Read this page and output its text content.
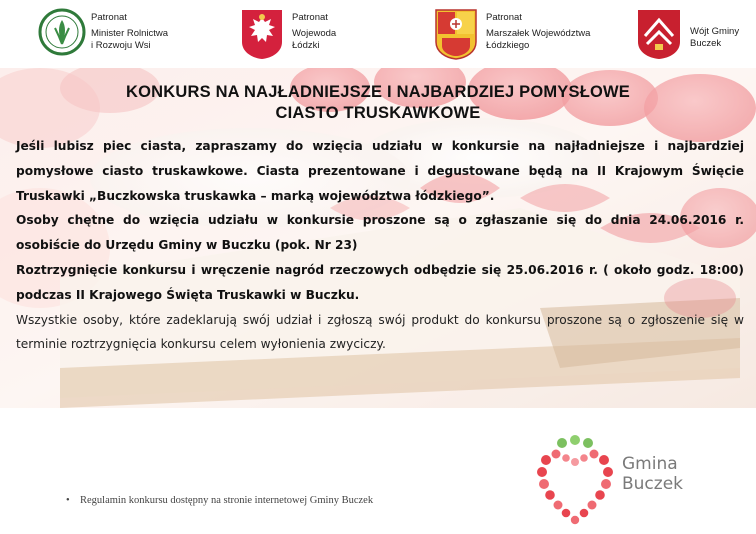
Patronat
Minister Rolnictwa
i Rozwoju Wsi
Patronat
Wojewoda
Łódzki
Patronat
Marszałek Województwa
Łódzkiego
Wójt Gminy
Buczek
KONKURS NA NAJŁADNIEJSZE I NAJBARDZIEJ POMYSŁOWE
CIASTO TRUSKAWKOWE

Jeśli lubisz piec ciasta, zapraszamy do wzięcia udziału w konkursie na najładniejsze i najbardziej pomysłowe ciasto truskawkowe. Ciasta prezentowane i degustowane będą na II Krajowym Święcie Truskawki „Buczkowska truskawka – marką województwa łódzkiego”.

Osoby chętne do wzięcia udziału w konkursie proszone są o zgłaszanie się do dnia 24.06.2016 r. osobiście do Urzędu Gminy w Buczku (pok. Nr 23)

Roztrzygnięcie konkursu i wręczenie nagród rzeczowych odbędzie się 25.06.2016 r. ( około godz. 18:00) podczas II Krajowego Święta Truskawki w Buczku.

Wszystkie osoby, które zadeklarują swój udział i zgłoszą swój produkt do konkursu proszone są o zgłoszenie się w terminie roztrzygnięcia konkursu celem wyłonienia zwyciczy.

• Regulamin konkursu dostępny na stronie internetowej Gminy Buczek
Gmina
Buczek
